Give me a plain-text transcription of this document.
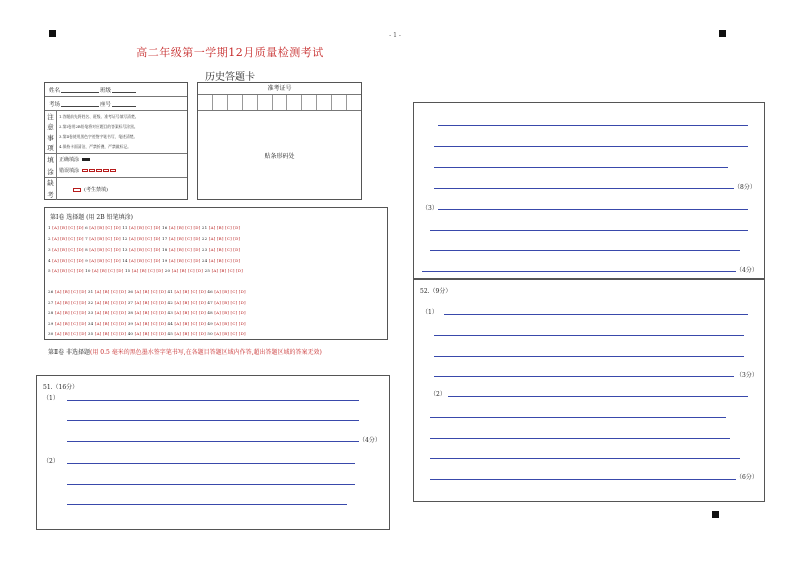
- 1 -
高二年级第一学期12月质量检测考试
历史答题卡
姓名	班级
考场	座号
注
意
事
项
1.答题前先将姓名、班级、准考证号填写清楚。
2.第Ⅰ卷用2B铅笔将对应题目的答案标号涂黑。
3.第Ⅱ卷使用黑色字迹签字笔书写，笔迹清楚。
4.保持卡面清洁，严禁折叠，严禁做标记。
填
涂
正确填涂
错误填涂
缺
考
(考生禁填)
准考证号
贴条形码处
第Ⅰ卷 选择题 (用 2B 铅笔填涂)
1 [A] [B] [C] [D] 6 [A] [B] [C] [D] 11 [A] [B] [C] [D] 16 [A] [B] [C] [D] 21 [A] [B] [C] [D]
2 [A] [B] [C] [D] 7 [A] [B] [C] [D] 12 [A] [B] [C] [D] 17 [A] [B] [C] [D] 22 [A] [B] [C] [D]
3 [A] [B] [C] [D] 8 [A] [B] [C] [D] 13 [A] [B] [C] [D] 18 [A] [B] [C] [D] 23 [A] [B] [C] [D]
4 [A] [B] [C] [D] 9 [A] [B] [C] [D] 14 [A] [B] [C] [D] 19 [A] [B] [C] [D] 24 [A] [B] [C] [D]
5 [A] [B] [C] [D] 10 [A] [B] [C] [D] 15 [A] [B] [C] [D] 20 [A] [B] [C] [D] 25 [A] [B] [C] [D]
26 [A] [B] [C] [D] 31 [A] [B] [C] [D] 36 [A] [B] [C] [D] 41 [A] [B] [C] [D] 46 [A] [B] [C] [D]
27 [A] [B] [C] [D] 32 [A] [B] [C] [D] 37 [A] [B] [C] [D] 42 [A] [B] [C] [D] 47 [A] [B] [C] [D]
28 [A] [B] [C] [D] 33 [A] [B] [C] [D] 38 [A] [B] [C] [D] 43 [A] [B] [C] [D] 48 [A] [B] [C] [D]
29 [A] [B] [C] [D] 34 [A] [B] [C] [D] 39 [A] [B] [C] [D] 44 [A] [B] [C] [D] 49 [A] [B] [C] [D]
30 [A] [B] [C] [D] 35 [A] [B] [C] [D] 40 [A] [B] [C] [D] 45 [A] [B] [C] [D] 50 [A] [B] [C] [D]
第Ⅱ卷 非选择题(用 0.5 毫米的黑色墨水签字笔书写,在各题目答题区域内作答,超出答题区域的答案无效)
51.（16分）
（1）
（4分）
（2）
（8分）
（3）
（4分）
52.（9分）
（1）
（3分）
（2）
（6分）
